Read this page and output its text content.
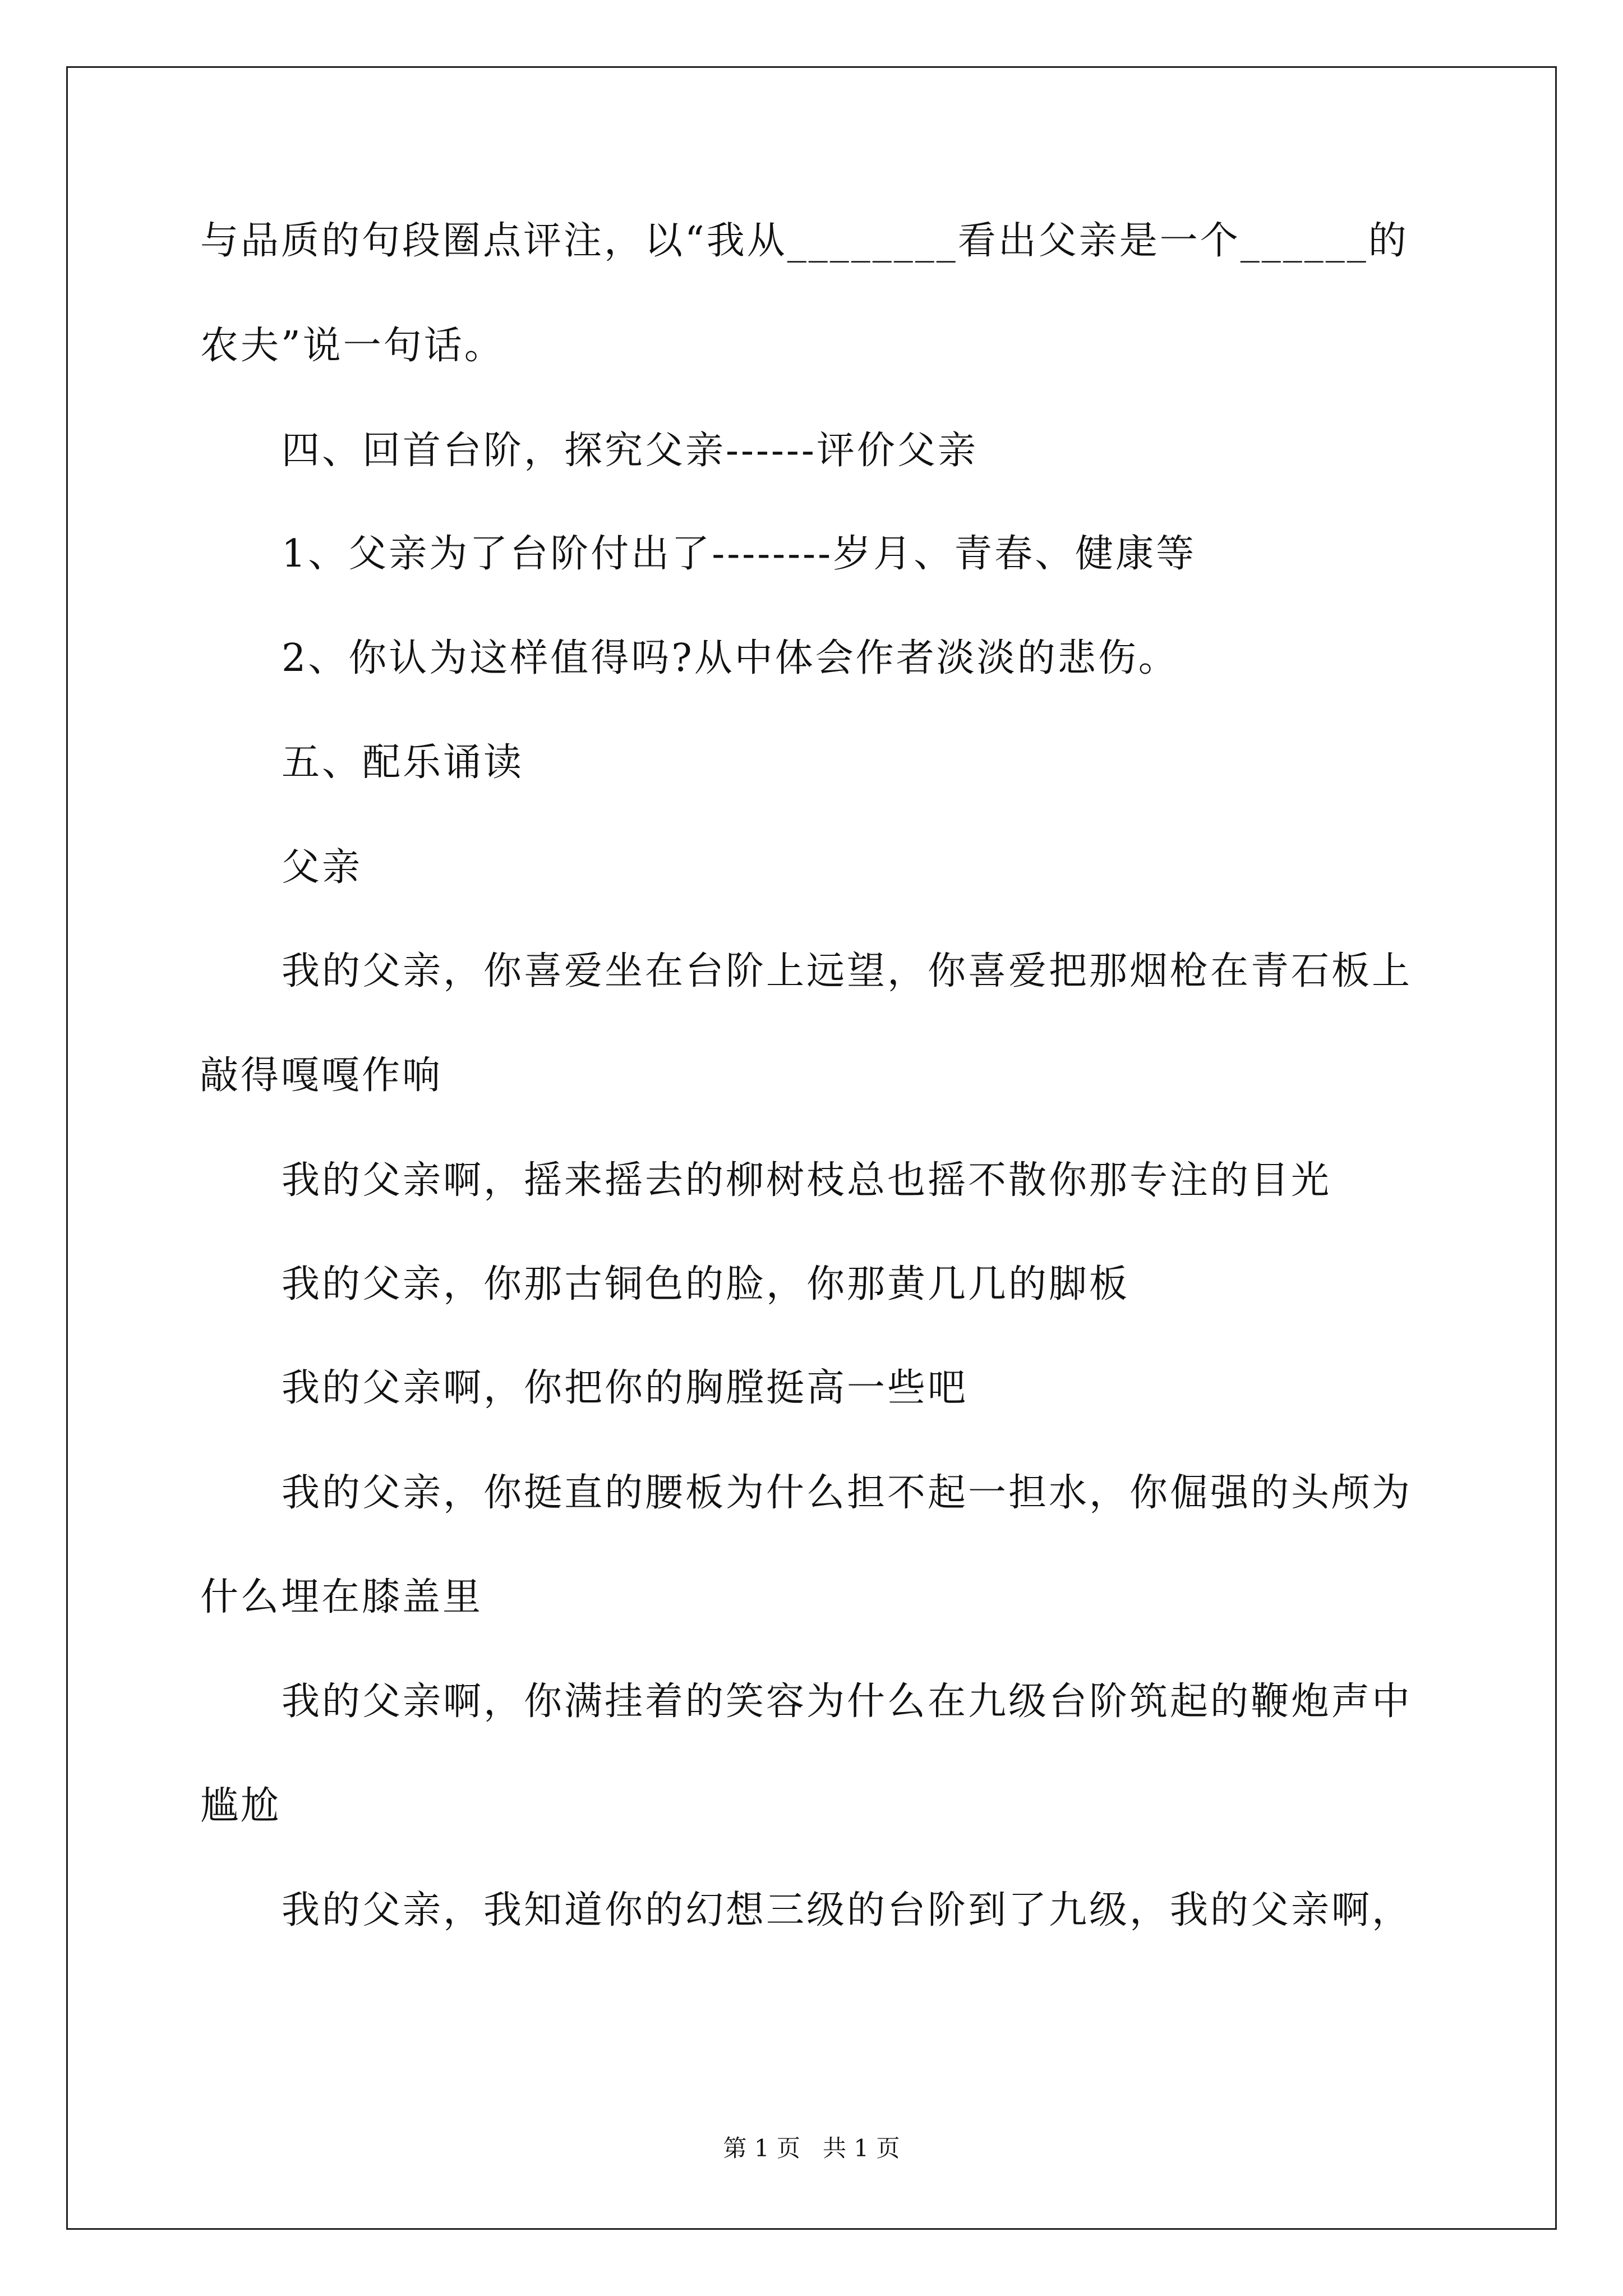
与品质的句段圈点评注，以“我从________看出父亲是一个______的
农夫”说一句话。
四、回首台阶，探究父亲------评价父亲
1、父亲为了台阶付出了--------岁月、青春、健康等
2、你认为这样值得吗?从中体会作者淡淡的悲伤。
五、配乐诵读
父亲
我的父亲，你喜爱坐在台阶上远望，你喜爱把那烟枪在青石板上
敲得嘎嘎作响
我的父亲啊，摇来摇去的柳树枝总也摇不散你那专注的目光
我的父亲，你那古铜色的脸，你那黄几几的脚板
我的父亲啊，你把你的胸膛挺高一些吧
我的父亲，你挺直的腰板为什么担不起一担水，你倔强的头颅为
什么埋在膝盖里
我的父亲啊，你满挂着的笑容为什么在九级台阶筑起的鞭炮声中
尴尬
我的父亲，我知道你的幻想三级的台阶到了九级，我的父亲啊，
第 1 页   共 1 页
